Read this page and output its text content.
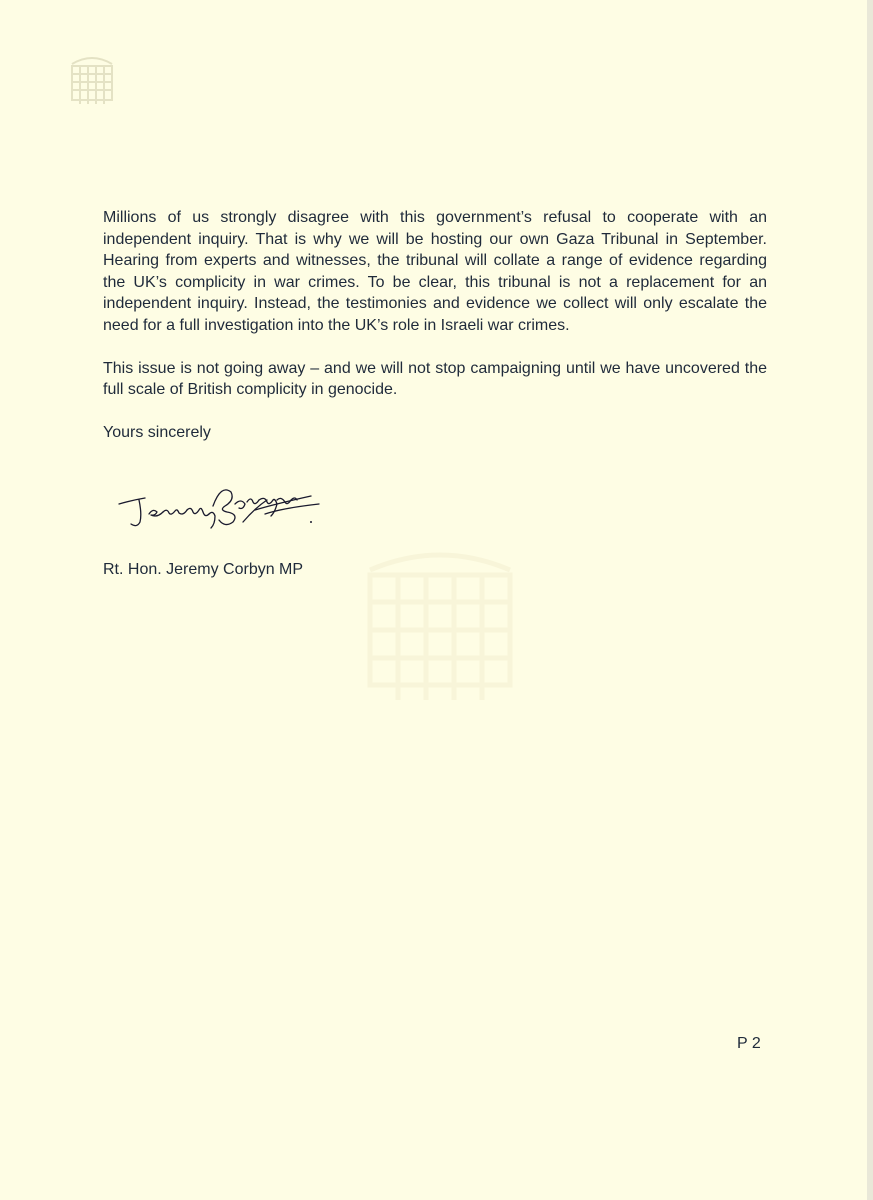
Millions of us strongly disagree with this government’s refusal to cooperate with an independent inquiry. That is why we will be hosting our own Gaza Tribunal in September. Hearing from experts and witnesses, the tribunal will collate a range of evidence regarding the UK’s complicity in war crimes. To be clear, this tribunal is not a replacement for an independent inquiry. Instead, the testimonies and evidence we collect will only escalate the need for a full investigation into the UK’s role in Israeli war crimes.

This issue is not going away – and we will not stop campaigning until we have uncovered the full scale of British complicity in genocide.

Yours sincerely

Rt. Hon. Jeremy Corbyn MP

P 2
